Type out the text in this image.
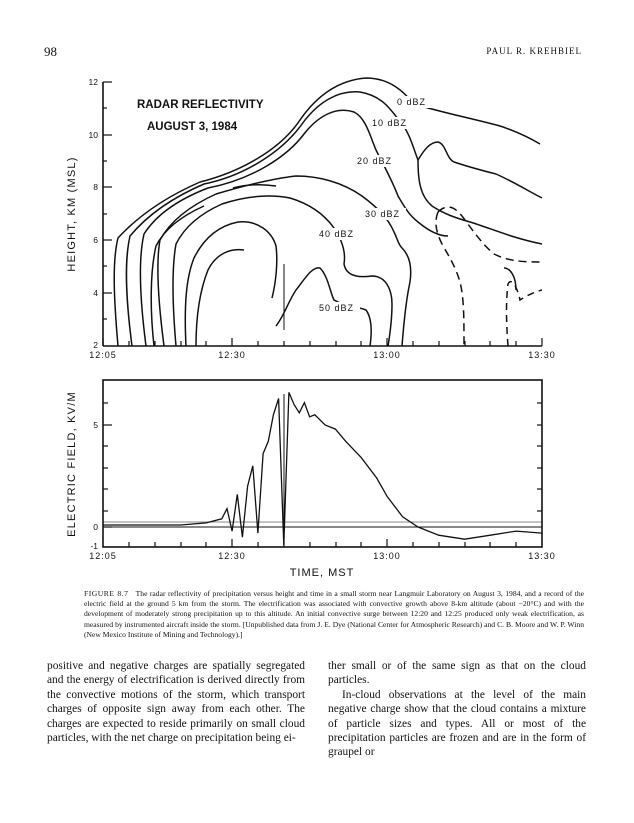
98	PAUL R. KREHBIEL
12
10
8
6
4
2
12:05	12:30	13:00	13:30
HEIGHT, KM (MSL)
RADAR REFLECTIVITY
AUGUST 3, 1984
0 dBZ
10 dBZ
20 dBZ
30 dBZ
40 dBZ
50 dBZ
5
0
-1
12:05	12:30	13:00	13:30
ELECTRIC FIELD, KV/M
TIME, MST
FIGURE 8.7 The radar reflectivity of precipitation versus height and time in a small storm near Langmuir Laboratory on August 3, 1984, and a record of the electric field at the ground 5 km from the storm. The electrification was associated with convective growth above 8-km altitude (about −20°C) and with the development of moderately strong precipitation up to this altitude. An initial convective surge between 12:20 and 12:25 produced only weak electrification, as measured by instrumented aircraft inside the storm. [Unpublished data from J. E. Dye (National Center for Atmospheric Research) and C. B. Moore and W. P. Winn (New Mexico Institute of Mining and Technology).]

positive and negative charges are spatially segregated and the energy of electrification is derived directly from the convective motions of the storm, which transport charges of opposite sign away from each other. The charges are expected to reside primarily on small cloud particles, with the net charge on precipitation being ei-

ther small or of the same sign as that on the cloud particles.

In-cloud observations at the level of the main negative charge show that the cloud contains a mixture of particle sizes and types. All or most of the precipitation particles are frozen and are in the form of graupel or
